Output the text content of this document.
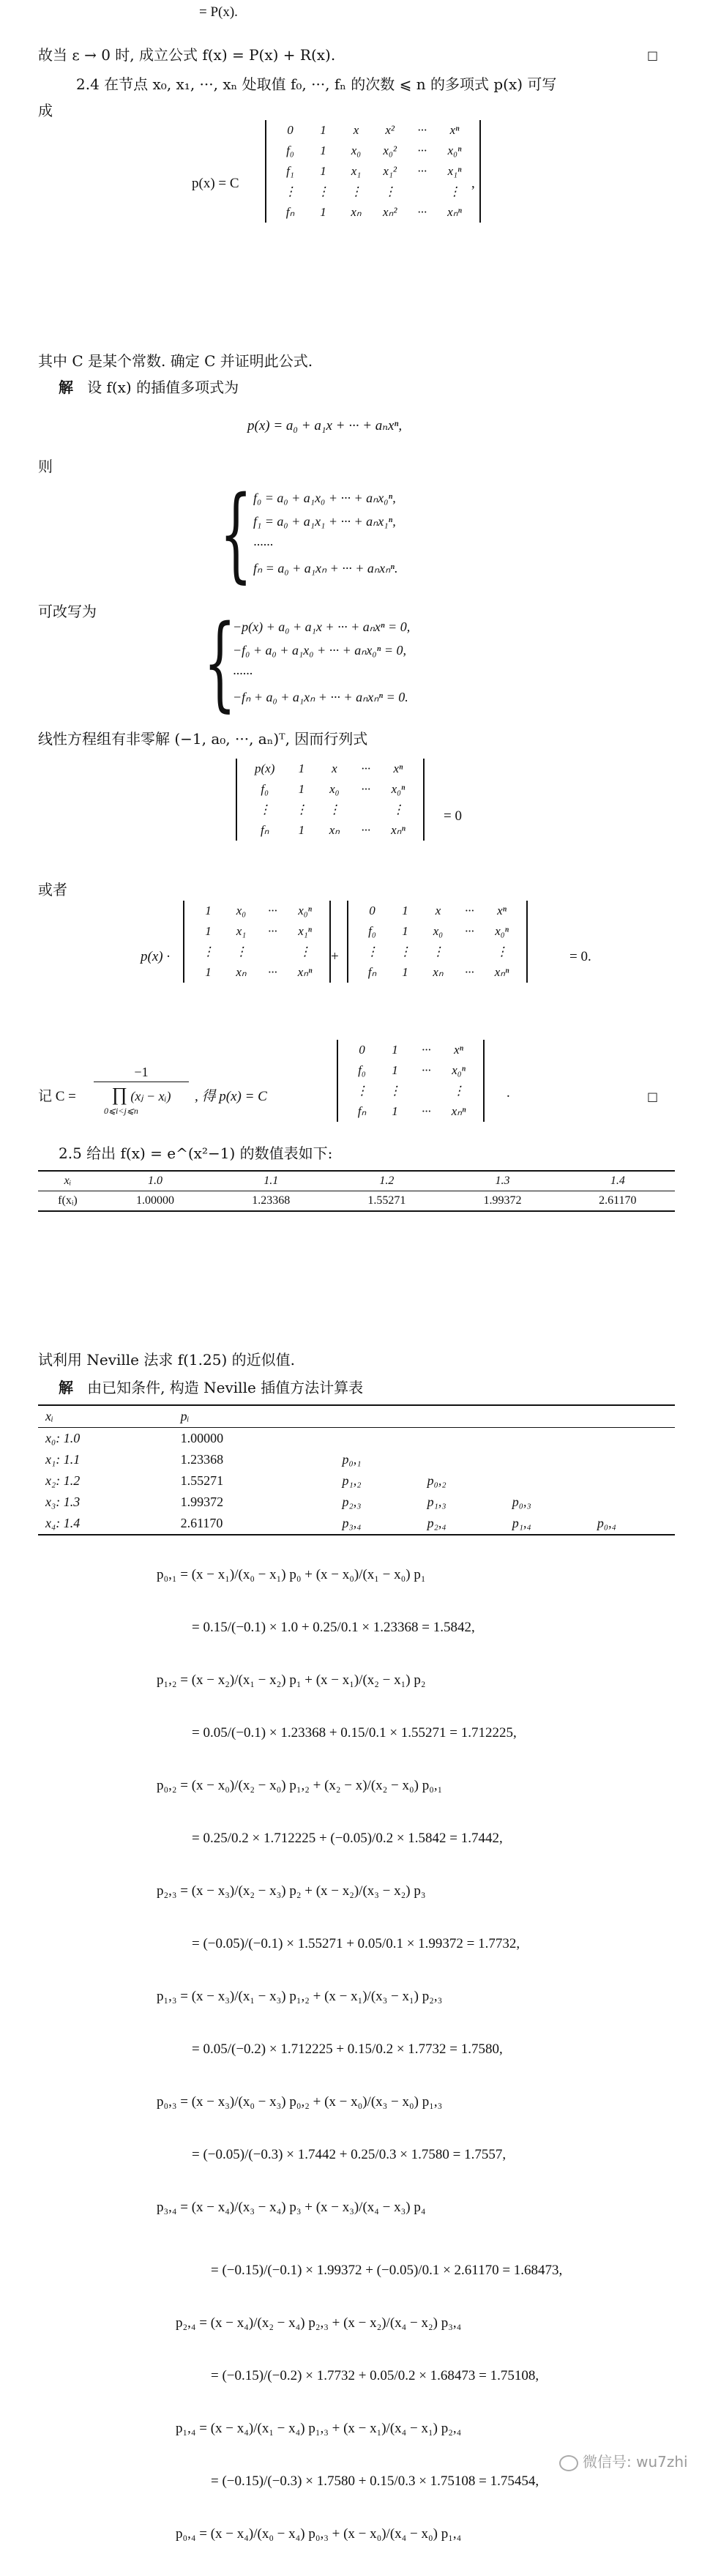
= P(x).
故当 ε → 0 时, 成立公式 f(x) = P(x) + R(x).	□
2.4 在节点 x₀, x₁, ···, xₙ 处取值 f₀, ···, fₙ 的次数 ⩽ n 的多项式 p(x) 可写
成
p(x) = C
0	1	x	x²	···	xⁿ
f₀	1	x₀	x₀²	···	x₀ⁿ
f₁	1	x₁	x₁²	···	x₁ⁿ
⋮	⋮	⋮	⋮		⋮
fₙ	1	xₙ	xₙ²	···	xₙⁿ
,
其中 C 是某个常数. 确定 C 并证明此公式.
解 设 f(x) 的插值多项式为
p(x) = a₀ + a₁x + ··· + aₙxⁿ,
则
{ f₀ = a₀ + a₁x₀ + ··· + aₙx₀ⁿ,
f₁ = a₀ + a₁x₁ + ··· + aₙx₁ⁿ,
······
fₙ = a₀ + a₁xₙ + ··· + aₙxₙⁿ.
可改写为	{
−p(x) + a₀ + a₁x + ··· + aₙxⁿ = 0,
−f₀ + a₀ + a₁x₀ + ··· + aₙx₀ⁿ = 0,
······
−fₙ + a₀ + a₁xₙ + ··· + aₙxₙⁿ = 0.
线性方程组有非零解 (−1, a₀, ···, aₙ)ᵀ, 因而行列式
p(x)	1	x	···	xⁿ
f₀	1	x₀	···	x₀ⁿ
⋮	⋮	⋮		⋮
fₙ	1	xₙ	···	xₙⁿ
= 0
或者
p(x) ·
1	x₀	···	x₀ⁿ
1	x₁	···	x₁ⁿ
⋮	⋮		⋮
1	xₙ	···	xₙⁿ
+
0	1	x	···	xⁿ
f₀	1	x₀	···	x₀ⁿ
⋮	⋮	⋮		⋮
fₙ	1	xₙ	···	xₙⁿ
= 0.
记 C =
−1
∏ (xⱼ − xᵢ)
0⩽i<j⩽n
, 得 p(x) = C
0	1	···	xⁿ
f₀	1	···	x₀ⁿ
⋮	⋮		⋮
fₙ	1	···	xₙⁿ
.	□
2.5 给出 f(x) = e^(x²−1) 的数值表如下:
xᵢ	1.0	1.1	1.2	1.3	1.4
f(xᵢ)	1.00000	1.23368	1.55271	1.99372	2.61170
试利用 Neville 法求 f(1.25) 的近似值.
解 由已知条件, 构造 Neville 插值方法计算表
xᵢ	pᵢ				
x₀: 1.0	1.00000				
x₁: 1.1	1.23368	p₀,₁			
x₂: 1.2	1.55271	p₁,₂	p₀,₂		
x₃: 1.3	1.99372	p₂,₃	p₁,₃	p₀,₃	
x₄: 1.4	2.61170	p₃,₄	p₂,₄	p₁,₄	p₀,₄
p₀,₁ = (x − x₁)/(x₀ − x₁) p₀ + (x − x₀)/(x₁ − x₀) p₁
= 0.15/(−0.1) × 1.0 + 0.25/0.1 × 1.23368 = 1.5842,
p₁,₂ = (x − x₂)/(x₁ − x₂) p₁ + (x − x₁)/(x₂ − x₁) p₂
= 0.05/(−0.1) × 1.23368 + 0.15/0.1 × 1.55271 = 1.712225,
p₀,₂ = (x − x₀)/(x₂ − x₀) p₁,₂ + (x₂ − x)/(x₂ − x₀) p₀,₁
= 0.25/0.2 × 1.712225 + (−0.05)/0.2 × 1.5842 = 1.7442,
p₂,₃ = (x − x₃)/(x₂ − x₃) p₂ + (x − x₂)/(x₃ − x₂) p₃
= (−0.05)/(−0.1) × 1.55271 + 0.05/0.1 × 1.99372 = 1.7732,
p₁,₃ = (x − x₃)/(x₁ − x₃) p₁,₂ + (x − x₁)/(x₃ − x₁) p₂,₃
= 0.05/(−0.2) × 1.712225 + 0.15/0.2 × 1.7732 = 1.7580,
p₀,₃ = (x − x₃)/(x₀ − x₃) p₀,₂ + (x − x₀)/(x₃ − x₀) p₁,₃
= (−0.05)/(−0.3) × 1.7442 + 0.25/0.3 × 1.7580 = 1.7557,
p₃,₄ = (x − x₄)/(x₃ − x₄) p₃ + (x − x₃)/(x₄ − x₃) p₄
= (−0.15)/(−0.1) × 1.99372 + (−0.05)/0.1 × 2.61170 = 1.68473,
p₂,₄ = (x − x₄)/(x₂ − x₄) p₂,₃ + (x − x₂)/(x₄ − x₂) p₃,₄
= (−0.15)/(−0.2) × 1.7732 + 0.05/0.2 × 1.68473 = 1.75108,
p₁,₄ = (x − x₄)/(x₁ − x₄) p₁,₃ + (x − x₁)/(x₄ − x₁) p₂,₄
= (−0.15)/(−0.3) × 1.7580 + 0.15/0.3 × 1.75108 = 1.75454,
p₀,₄ = (x − x₄)/(x₀ − x₄) p₀,₃ + (x − x₀)/(x₄ − x₀) p₁,₄
微信号: wu7zhi
